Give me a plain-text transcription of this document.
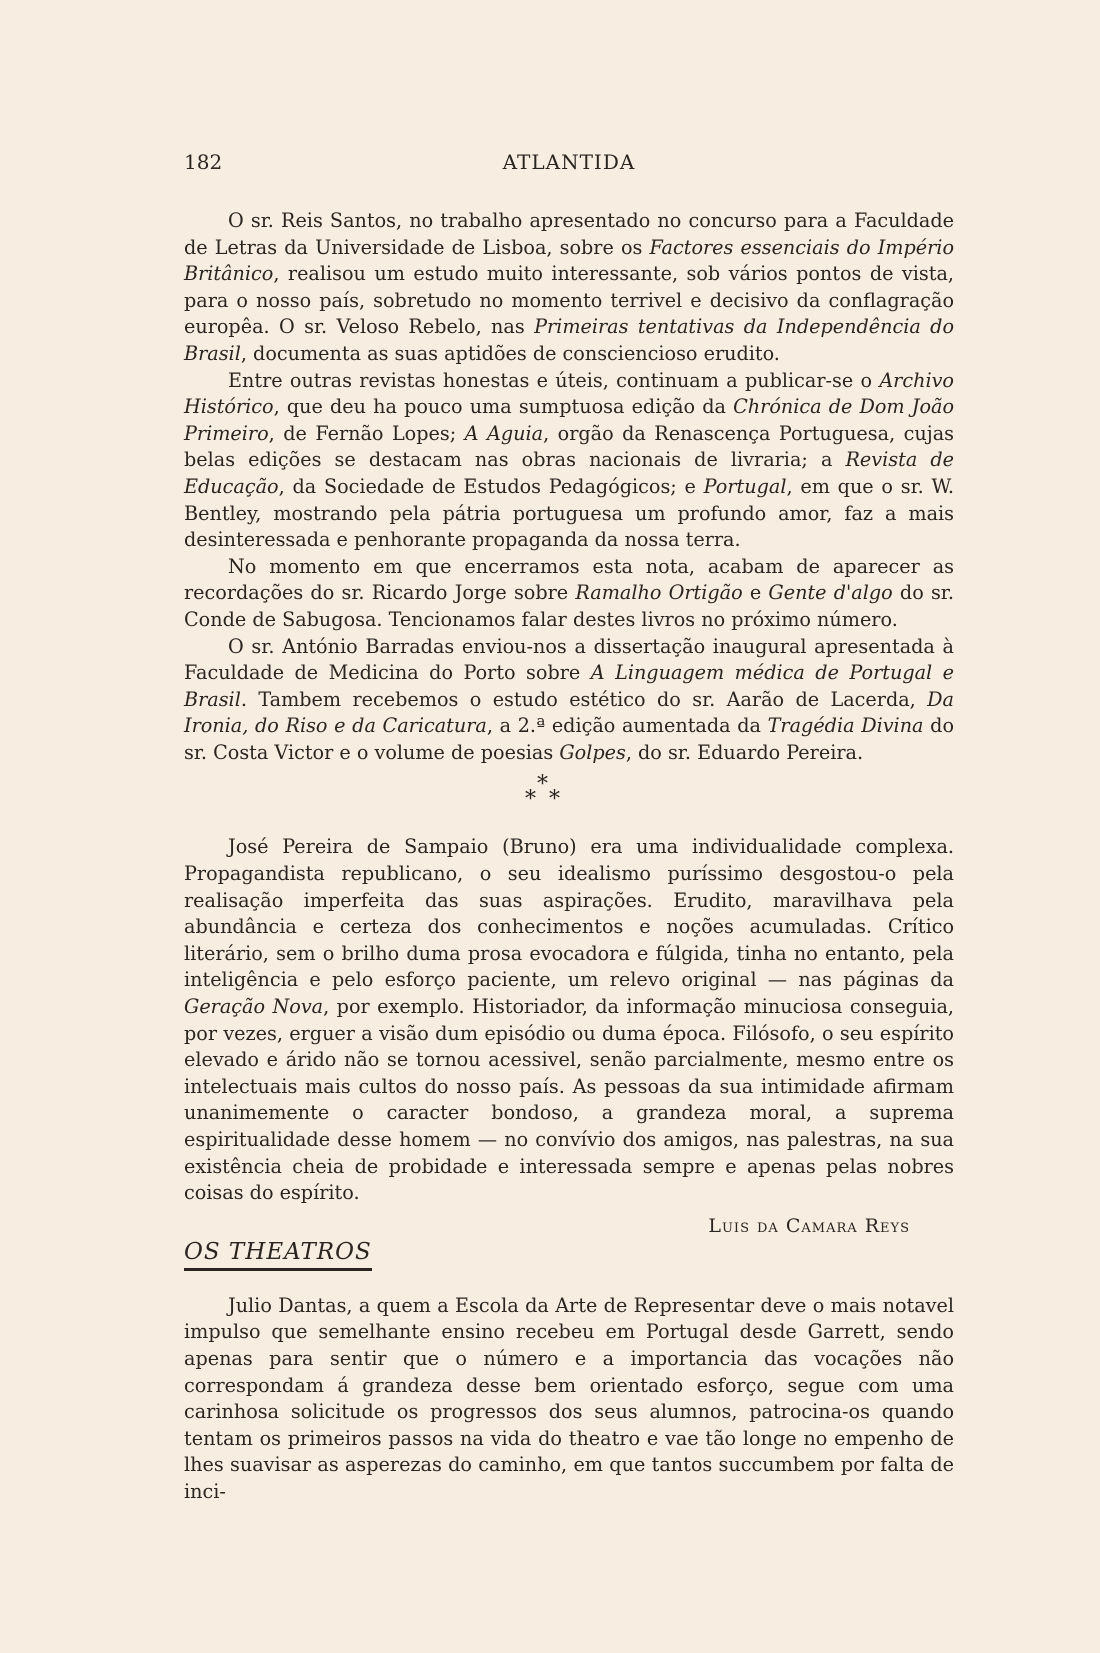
182	ATLANTIDA

O sr. Reis Santos, no trabalho apresentado no concurso para a Faculdade de Letras da Universidade de Lisboa, sobre os Factores essenciais do Império Britânico, realisou um estudo muito interessante, sob vários pontos de vista, para o nosso país, sobretudo no momento terrivel e decisivo da conflagração europêa. O sr. Veloso Rebelo, nas Primeiras tentativas da Independência do Brasil, documenta as suas aptidões de consciencioso erudito.

Entre outras revistas honestas e úteis, continuam a publicar-se o Archivo Histórico, que deu ha pouco uma sumptuosa edição da Chrónica de Dom João Primeiro, de Fernão Lopes; A Aguia, orgão da Renascença Portuguesa, cujas belas edições se destacam nas obras nacionais de livraria; a Revista de Educação, da Sociedade de Estudos Pedagógicos; e Portugal, em que o sr. W. Bentley, mostrando pela pátria portuguesa um profundo amor, faz a mais desinteressada e penhorante propaganda da nossa terra.

No momento em que encerramos esta nota, acabam de aparecer as recordações do sr. Ricardo Jorge sobre Ramalho Ortigão e Gente d'algo do sr. Conde de Sabugosa. Tencionamos falar destes livros no próximo número.

O sr. António Barradas enviou-nos a dissertação inaugural apresentada à Faculdade de Medicina do Porto sobre A Linguagem médica de Portugal e Brasil. Tambem recebemos o estudo estético do sr. Aarão de Lacerda, Da Ironia, do Riso e da Caricatura, a 2.ª edição aumentada da Tragédia Divina do sr. Costa Victor e o volume de poesias Golpes, do sr. Eduardo Pereira.

*
* *

José Pereira de Sampaio (Bruno) era uma individualidade complexa. Propagandista republicano, o seu idealismo puríssimo desgostou-o pela realisação imperfeita das suas aspirações. Erudito, maravilhava pela abundância e certeza dos conhecimentos e noções acumuladas. Crítico literário, sem o brilho duma prosa evocadora e fúlgida, tinha no entanto, pela inteligência e pelo esforço paciente, um relevo original — nas páginas da Geração Nova, por exemplo. Historiador, da informação minuciosa conseguia, por vezes, erguer a visão dum episódio ou duma época. Filósofo, o seu espírito elevado e árido não se tornou acessivel, senão parcialmente, mesmo entre os intelectuais mais cultos do nosso país. As pessoas da sua intimidade afirmam unanimemente o caracter bondoso, a grandeza moral, a suprema espiritualidade desse homem — no convívio dos amigos, nas palestras, na sua existência cheia de probidade e interessada sempre e apenas pelas nobres coisas do espírito.

Luis da Camara Reys
OS THEATROS

Julio Dantas, a quem a Escola da Arte de Representar deve o mais notavel impulso que semelhante ensino recebeu em Portugal desde Garrett, sendo apenas para sentir que o número e a importancia das vocações não correspondam á grandeza desse bem orientado esforço, segue com uma carinhosa solicitude os progressos dos seus alumnos, patrocina-os quando tentam os primeiros passos na vida do theatro e vae tão longe no empenho de lhes suavisar as asperezas do caminho, em que tantos succumbem por falta de inci-
